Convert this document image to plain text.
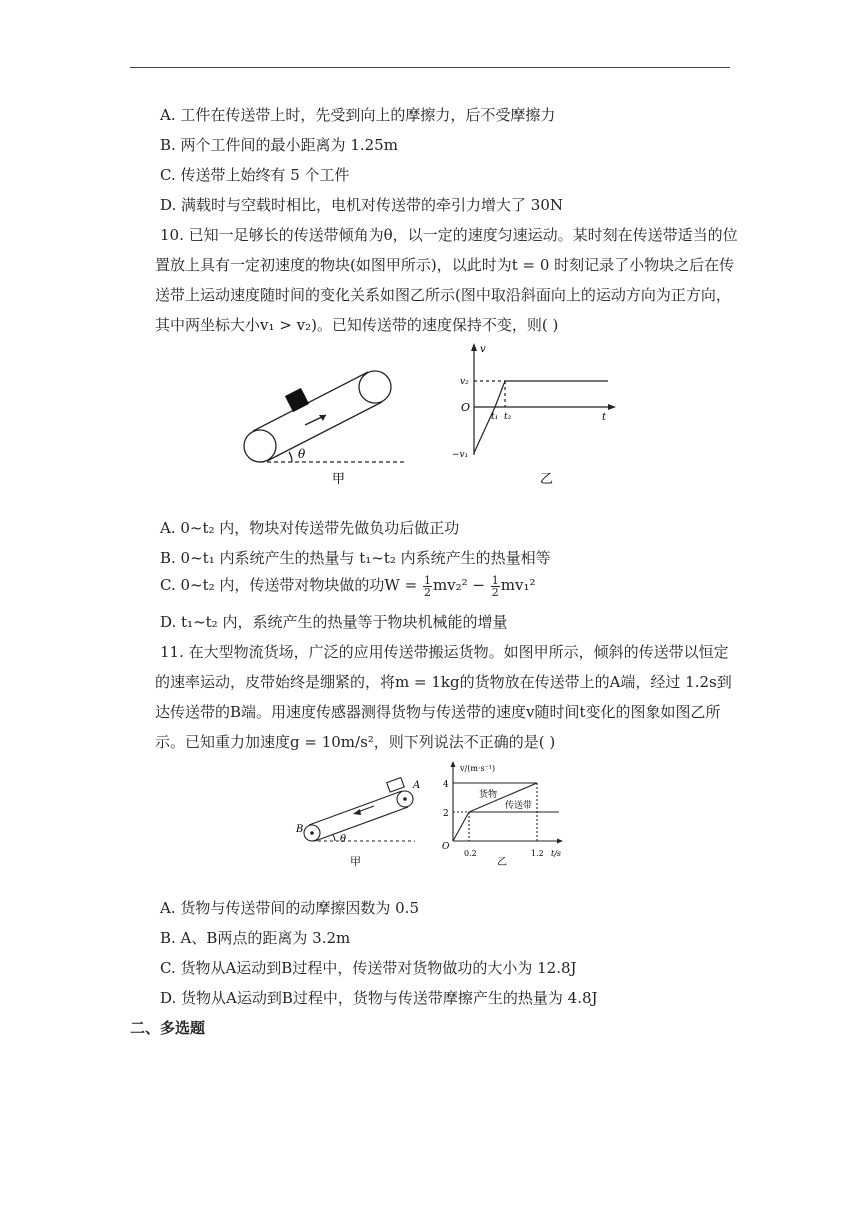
A. 工件在传送带上时，先受到向上的摩擦力，后不受摩擦力
B. 两个工件间的最小距离为 1.25m
C. 传送带上始终有 5 个工件
D. 满载时与空载时相比，电机对传送带的牵引力增大了 30N
10. 已知一足够长的传送带倾角为θ，以一定的速度匀速运动。某时刻在传送带适当的位
置放上具有一定初速度的物块(如图甲所示)，以此时为t = 0 时刻记录了小物块之后在传
送带上运动速度随时间的变化关系如图乙所示(图中取沿斜面向上的运动方向为正方向，
其中两坐标大小v₁ > v₂)。已知传送带的速度保持不变，则( )
θ
甲
v
v₂
O
t
t₁ t₂
−v₁
乙
A. 0~t₂ 内，物块对传送带先做负功后做正功
B. 0~t₁ 内系统产生的热量与 t₁~t₂ 内系统产生的热量相等
C. 0~t₂ 内，传送带对物块做的功$W = \frac{1}{2} mv_2^2 - \frac{1}{2} mv_1^2$
D. t₁~t₂ 内，系统产生的热量等于物块机械能的增量
11. 在大型物流货场，广泛的应用传送带搬运货物。如图甲所示，倾斜的传送带以恒定
的速率运动，皮带始终是绷紧的，将m = 1kg的货物放在传送带上的A端，经过 1.2s到
达传送带的B端。用速度传感器测得货物与传送带的速度v随时间t变化的图象如图乙所
示。已知重力加速度g = 10m/s²，则下列说法不正确的是( )
A
B
θ
甲
v/(m·s⁻¹)
4
2
O
0.2	1.2 t/s
货物
传送带
乙
A. 货物与传送带间的动摩擦因数为 0.5
B. A、B两点的距离为 3.2m
C. 货物从A运动到B过程中，传送带对货物做功的大小为 12.8J
D. 货物从A运动到B过程中，货物与传送带摩擦产生的热量为 4.8J
二、多选题
